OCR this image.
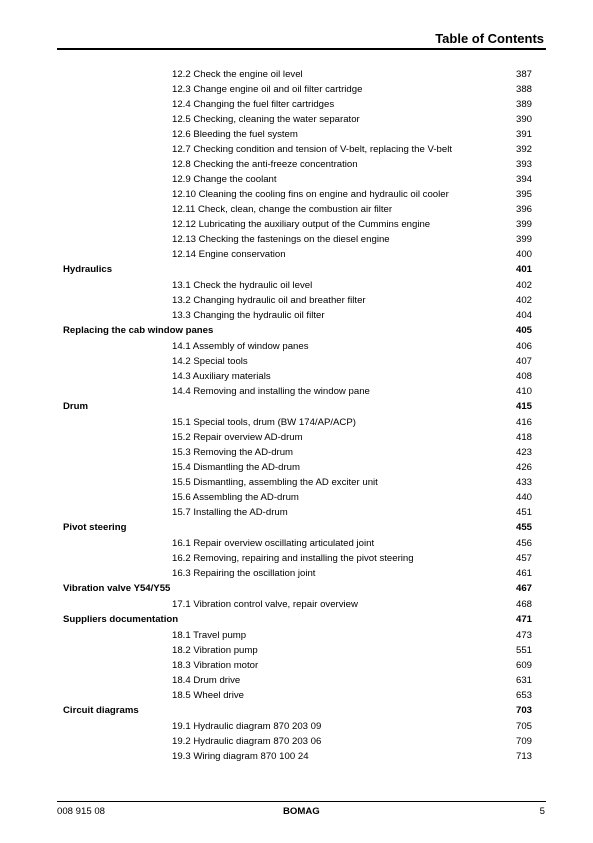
Table of Contents
12.2 Check the engine oil level	387
12.3 Change engine oil and oil filter cartridge	388
12.4 Changing the fuel filter cartridges	389
12.5 Checking, cleaning the water separator	390
12.6 Bleeding the fuel system	391
12.7 Checking condition and tension of V-belt, replacing the V-belt	392
12.8 Checking the anti-freeze concentration	393
12.9 Change the coolant	394
12.10 Cleaning the cooling fins on engine and hydraulic oil cooler	395
12.11 Check, clean, change the combustion air filter	396
12.12 Lubricating the auxiliary output of the Cummins engine	399
12.13 Checking the fastenings on the diesel engine	399
12.14 Engine conservation	400
Hydraulics	401
13.1 Check the hydraulic oil level	402
13.2 Changing hydraulic oil and breather filter	402
13.3 Changing the hydraulic oil filter	404
Replacing the cab window panes	405
14.1 Assembly of window panes	406
14.2 Special tools	407
14.3 Auxiliary materials	408
14.4 Removing and installing the window pane	410
Drum	415
15.1 Special tools, drum (BW 174/AP/ACP)	416
15.2 Repair overview AD-drum	418
15.3 Removing the AD-drum	423
15.4 Dismantling the AD-drum	426
15.5 Dismantling, assembling the AD exciter unit	433
15.6 Assembling the AD-drum	440
15.7 Installing the AD-drum	451
Pivot steering	455
16.1 Repair overview oscillating articulated joint	456
16.2 Removing, repairing and installing the pivot steering	457
16.3 Repairing the oscillation joint	461
Vibration valve Y54/Y55	467
17.1 Vibration control valve, repair overview	468
Suppliers documentation	471
18.1 Travel pump	473
18.2 Vibration pump	551
18.3 Vibration motor	609
18.4 Drum drive	631
18.5 Wheel drive	653
Circuit diagrams	703
19.1 Hydraulic diagram 870 203 09	705
19.2 Hydraulic diagram 870 203 06	709
19.3 Wiring diagram 870 100 24	713
008 915 08	BOMAG	5
